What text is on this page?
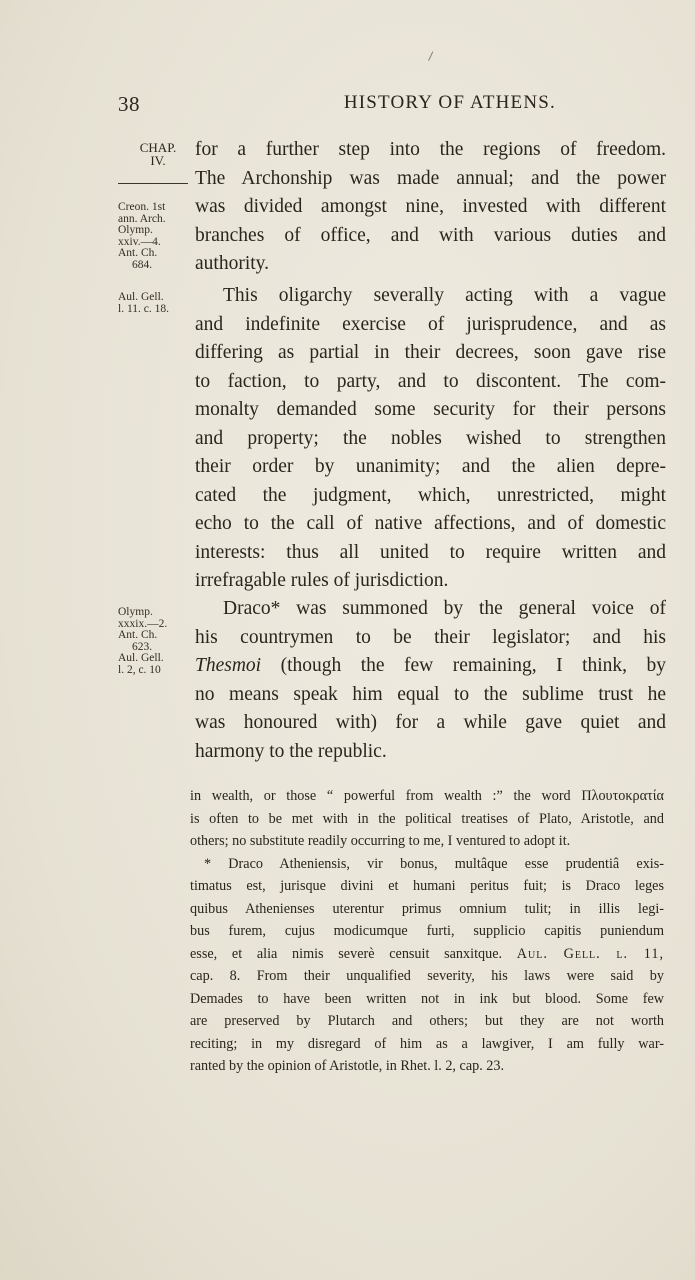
38	HISTORY OF ATHENS.
CHAP.
IV.
Creon. 1st
ann. Arch.
Olymp.
xxiv.—4.
Ant. Ch.
684.
Aul. Gell.
l. 11. c. 18.
Olymp.
xxxix.—2.
Ant. Ch.
623.
Aul. Gell.
l. 2, c. 10
for a further step into the regions of freedom.
The Archonship was made annual; and the power
was divided amongst nine, invested with different
branches of office, and with various duties and
authority.
This oligarchy severally acting with a vague
and indefinite exercise of jurisprudence, and as
differing as partial in their decrees, soon gave rise
to faction, to party, and to discontent. The com-
monalty demanded some security for their persons
and property; the nobles wished to strengthen
their order by unanimity; and the alien depre-
cated the judgment, which, unrestricted, might
echo to the call of native affections, and of domestic
interests: thus all united to require written and
irrefragable rules of jurisdiction.
Draco* was summoned by the general voice of
his countrymen to be their legislator; and his
Thesmoi (though the few remaining, I think, by
no means speak him equal to the sublime trust he
was honoured with) for a while gave quiet and
harmony to the republic.
in wealth, or those “ powerful from wealth :” the word Πλουτοκρατία
is often to be met with in the political treatises of Plato, Aristotle, and
others; no substitute readily occurring to me, I ventured to adopt it.
* Draco Atheniensis, vir bonus, multâque esse prudentiâ exis-
timatus est, jurisque divini et humani peritus fuit; is Draco leges
quibus Athenienses uterentur primus omnium tulit; in illis legi-
bus furem, cujus modicumque furti, supplicio capitis puniendum
esse, et alia nimis severè censuit sanxitque. Aul. Gell. l. 11,
cap. 8. From their unqualified severity, his laws were said by
Demades to have been written not in ink but blood. Some few
are preserved by Plutarch and others; but they are not worth
reciting; in my disregard of him as a lawgiver, I am fully war-
ranted by the opinion of Aristotle, in Rhet. l. 2, cap. 23.
